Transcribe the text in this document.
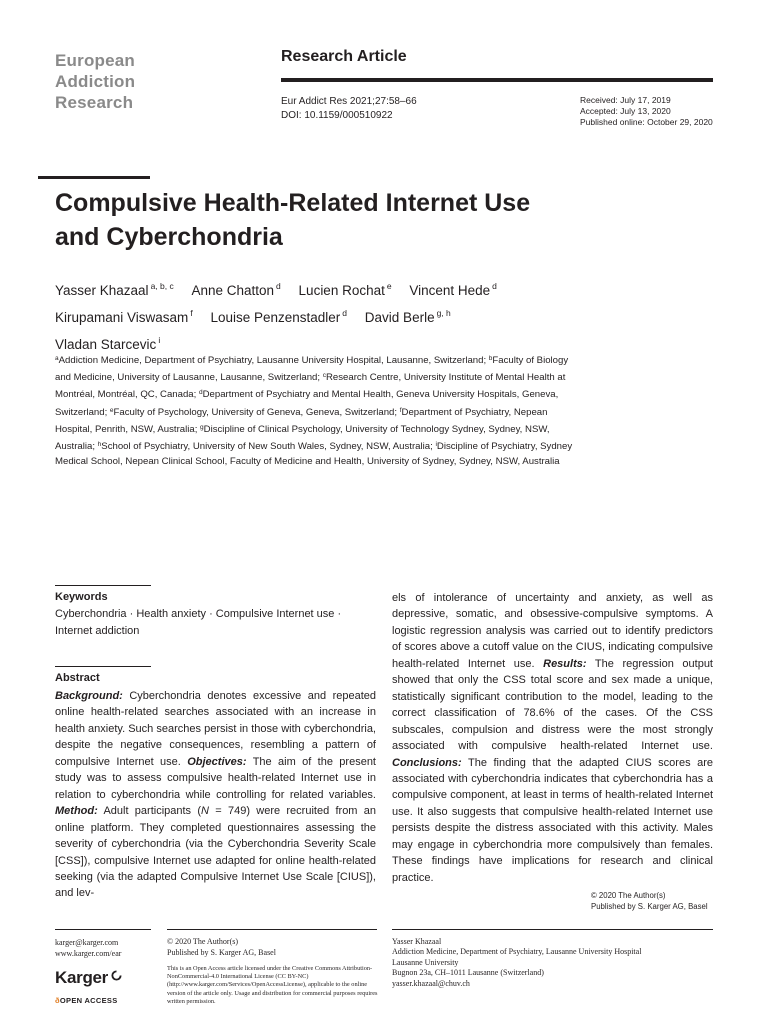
European
Addiction
Research
Research Article
Eur Addict Res 2021;27:58–66
DOI: 10.1159/000510922
Received: July 17, 2019
Accepted: July 13, 2020
Published online: October 29, 2020
Compulsive Health-Related Internet Use
and Cyberchondria
Yasser Khazaal $^{a, b, c}$ Anne Chatton $^d$ Lucien Rochat $^e$ Vincent Hede $^d$
Kirupamani Viswasam $^f$ Louise Penzenstadler $^d$ David Berle $^{g, h}$
Vladan Starcevic $^i$
$^a$Addiction Medicine, Department of Psychiatry, Lausanne University Hospital, Lausanne, Switzerland; $^b$Faculty of Biology and Medicine, University of Lausanne, Lausanne, Switzerland; $^c$Research Centre, University Institute of Mental Health at Montréal, Montréal, QC, Canada; $^d$Department of Psychiatry and Mental Health, Geneva University Hospitals, Geneva, Switzerland; $^e$Faculty of Psychology, University of Geneva, Geneva, Switzerland; $^f$Department of Psychiatry, Nepean Hospital, Penrith, NSW, Australia; $^g$Discipline of Clinical Psychology, University of Technology Sydney, Sydney, NSW, Australia; $^h$School of Psychiatry, University of New South Wales, Sydney, NSW, Australia; $^i$Discipline of Psychiatry, Sydney Medical School, Nepean Clinical School, Faculty of Medicine and Health, University of Sydney, Sydney, NSW, Australia
Keywords
Cyberchondria · Health anxiety · Compulsive Internet use · Internet addiction
Abstract
Background: Cyberchondria denotes excessive and repeated online health-related searches associated with an increase in health anxiety. Such searches persist in those with cyberchondria, despite the negative consequences, resembling a pattern of compulsive Internet use. Objectives: The aim of the present study was to assess compulsive health-related Internet use in relation to cyberchondria while controlling for related variables. Method: Adult participants (N = 749) were recruited from an online platform. They completed questionnaires assessing the severity of cyberchondria (via the Cyberchondria Severity Scale [CSS]), compulsive Internet use adapted for online health-related seeking (via the adapted Compulsive Internet Use Scale [CIUS]), and lev-
els of intolerance of uncertainty and anxiety, as well as depressive, somatic, and obsessive-compulsive symptoms. A logistic regression analysis was carried out to identify predictors of scores above a cutoff value on the CIUS, indicating compulsive health-related Internet use. Results: The regression output showed that only the CSS total score and sex made a unique, statistically significant contribution to the model, leading to the correct classification of 78.6% of the cases. Of the CSS subscales, compulsion and distress were the most strongly associated with compulsive health-related Internet use. Conclusions: The finding that the adapted CIUS scores are associated with cyberchondria indicates that cyberchondria has a compulsive component, at least in terms of health-related Internet use. It also suggests that compulsive health-related Internet use persists despite the distress associated with this activity. Males may engage in cyberchondria more compulsively than females. These findings have implications for research and clinical practice.
© 2020 The Author(s)
Published by S. Karger AG, Basel
karger@karger.com
www.karger.com/ear
Karger
ðOPEN ACCESS
© 2020 The Author(s)
Published by S. Karger AG, Basel
This is an Open Access article licensed under the Creative Commons Attribution-NonCommercial-4.0 International License (CC BY-NC) (http://www.karger.com/Services/OpenAccessLicense), applicable to the online version of the article only. Usage and distribution for commercial purposes requires written permission.
Yasser Khazaal
Addiction Medicine, Department of Psychiatry, Lausanne University Hospital
Lausanne University
Bugnon 23a, CH–1011 Lausanne (Switzerland)
yasser.khazaal@chuv.ch
